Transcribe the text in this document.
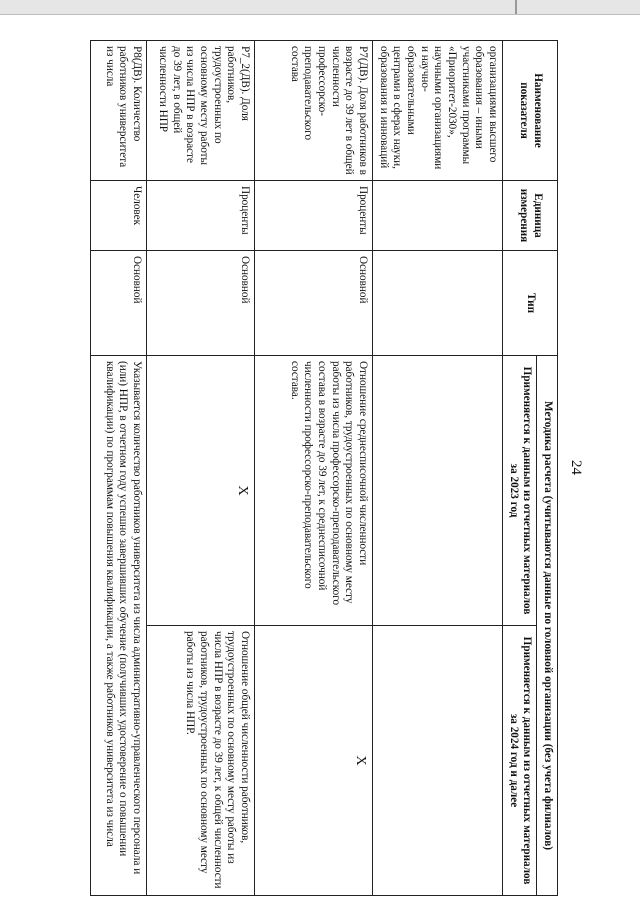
24
Наименование показателя	Единица измерения	Тип	Методика расчета (учитываются данные по головной организации (без учета филиалов)	
			Применяется к данным из отчетных материалов за 2023 год	Применяется к данным из отчетных материалов за 2024 год и далее
организациями высшего образования – иными участниками программы «Приоритет-2030», научными организациями и научно-образовательными центрами в сферах науки, образования и инноваций				
Р7(ДВ). Доля работников в возрасте до 39 лет в общей численности профессорско-преподавательского состава	Проценты	Основной	Отношение среднесписочной численности работников, трудоустроенных по основному месту работы из числа профессорско-преподавательского состава в возрасте до 39 лет, к среднесписочной численности профессорско-преподавательского состава.	X
Р7_2(ДВ). Доля работников, трудоустроенных по основному месту работы из числа НПР в возрасте до 39 лет, в общей численности НПР	Проценты	Основной	X	Отношение общей численности работников, трудоустроенных по основному месту работы из числа НПР в возрасте до 39 лет, к общей численности работников, трудоустроенных по основному месту работы из числа НПР.
Р8(ДВ). Количество работников университета из числа	Человек	Основной	Указывается количество работников университета из числа административно-управленческого персонала и (или) НПР, в отчетном году успешно завершивших обучение (получивших удостоверение о повышении квалификации) по программам повышения квалификации, а также работников университета из числа	
